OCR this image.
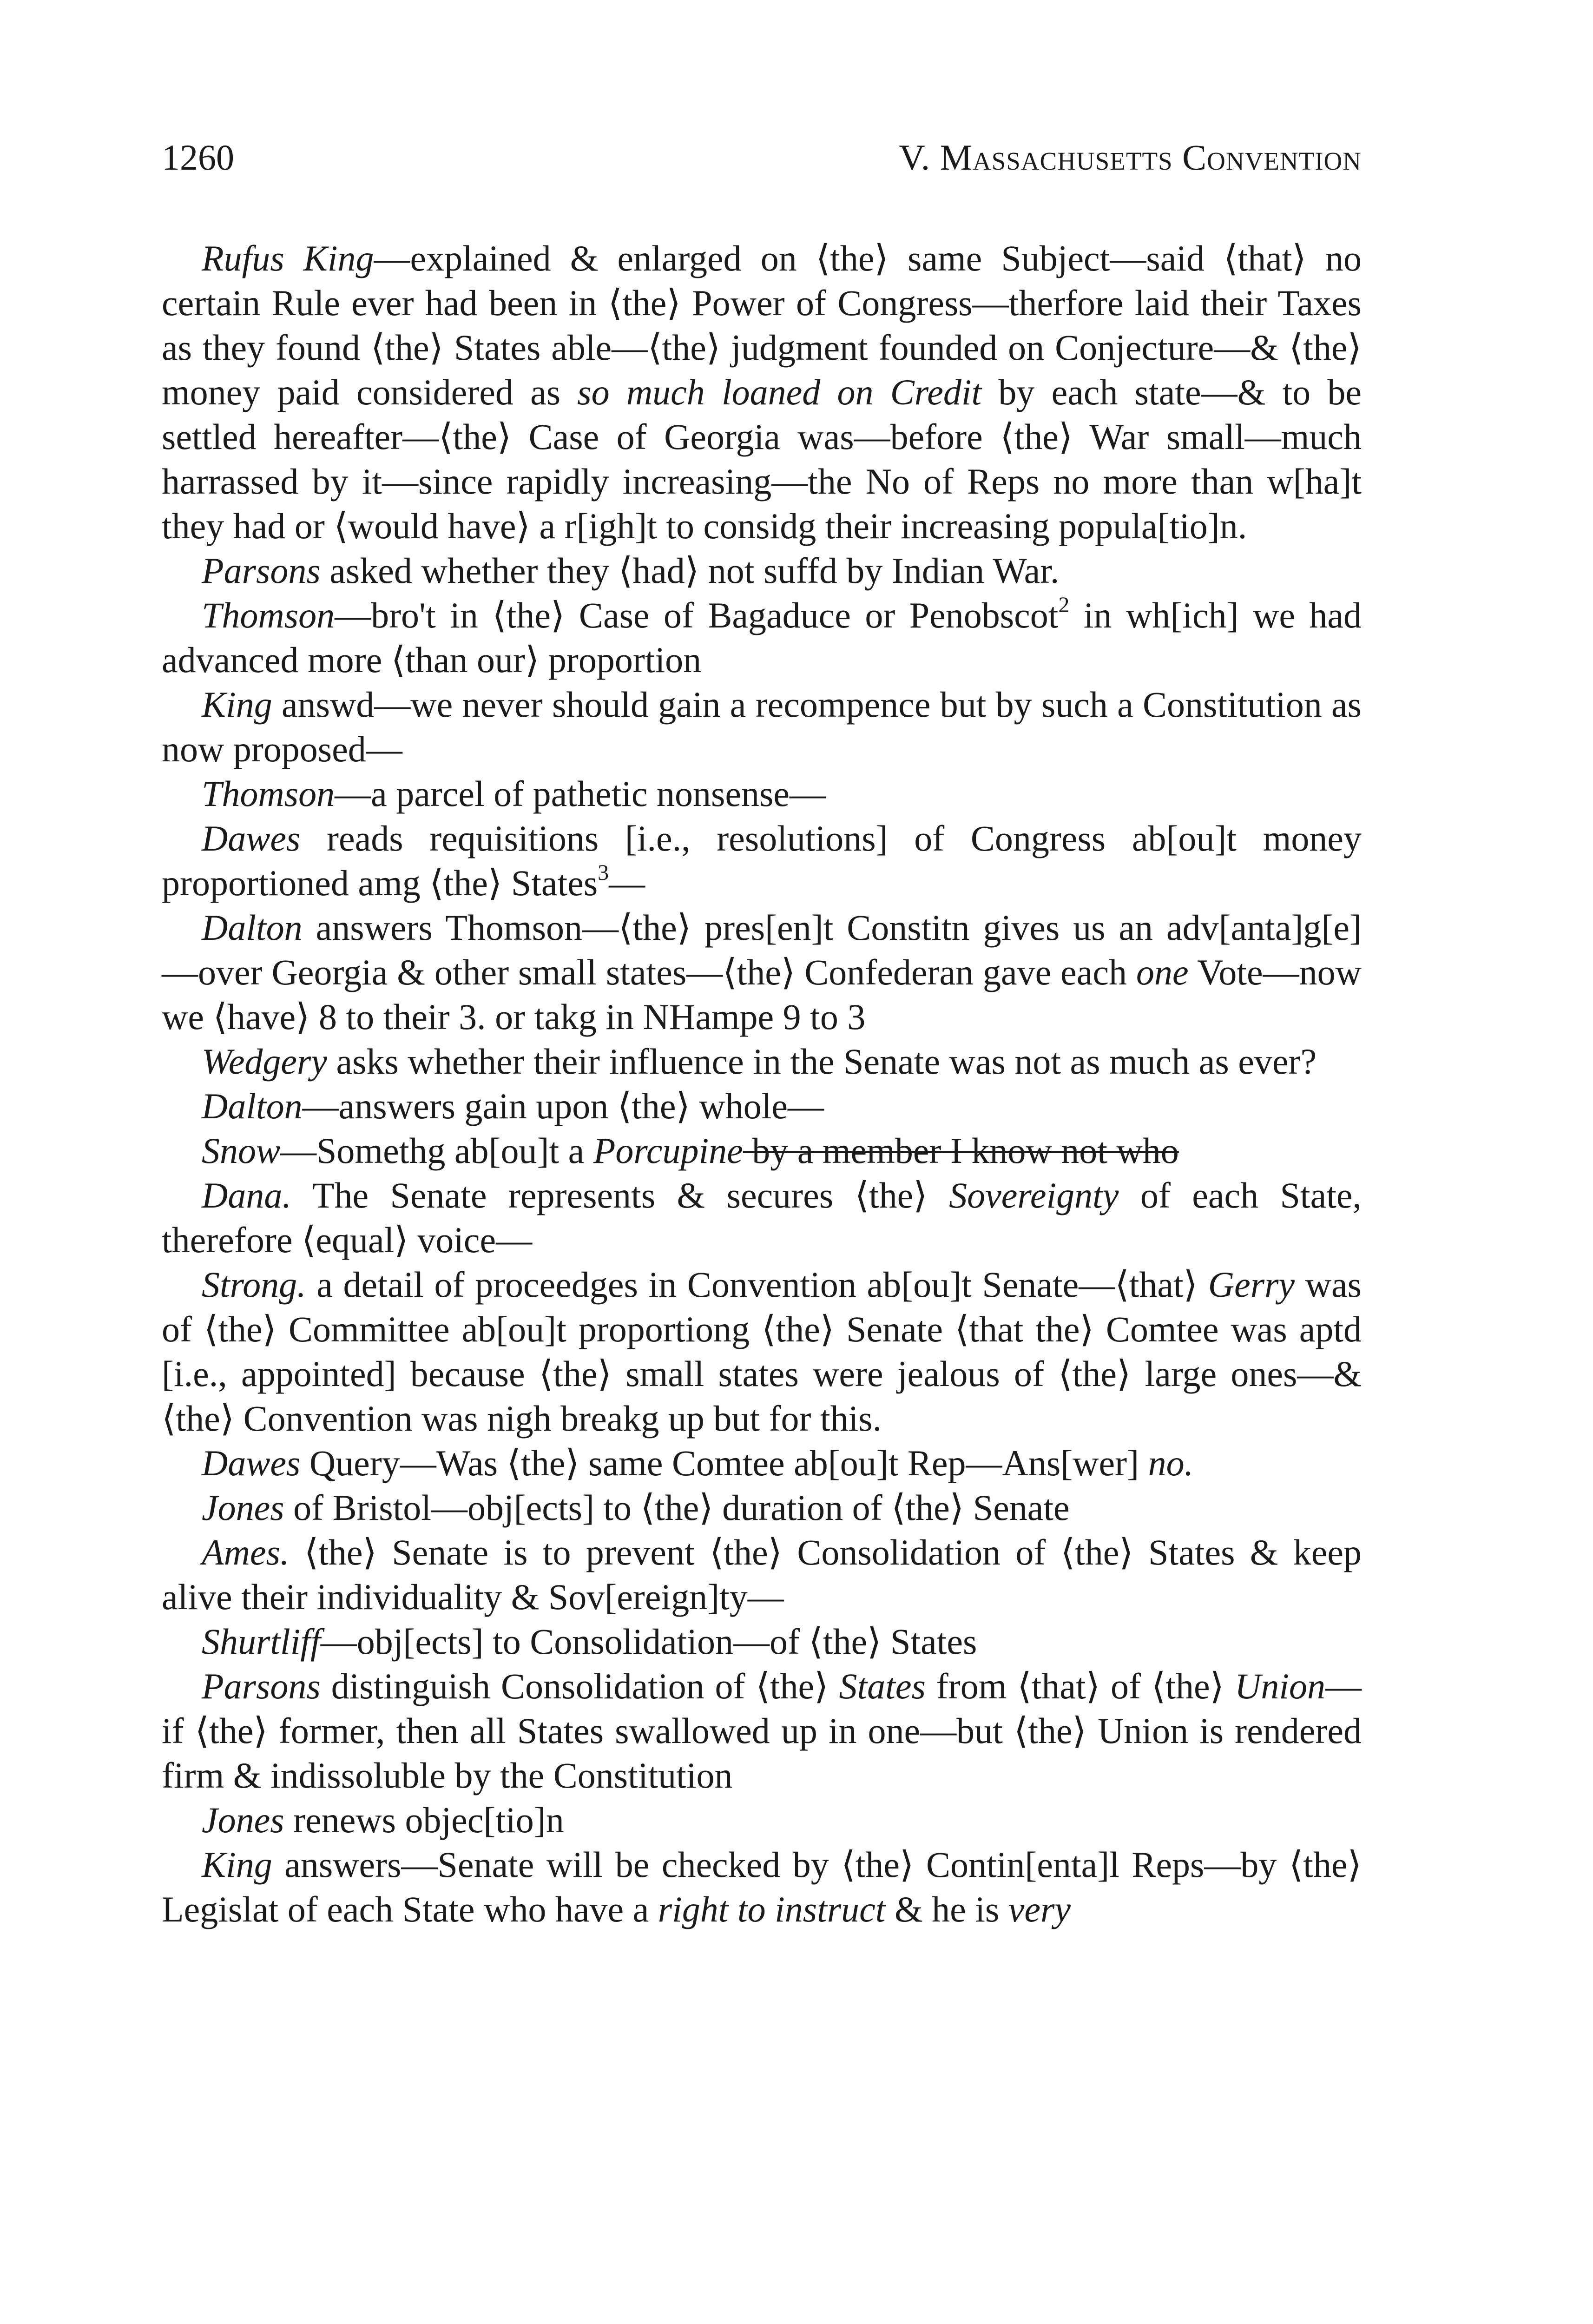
1260	V. Massachusetts Convention

Rufus King—explained & enlarged on ⟨the⟩ same Subject—said ⟨that⟩ no certain Rule ever had been in ⟨the⟩ Power of Congress—therfore laid their Taxes as they found ⟨the⟩ States able—⟨the⟩ judgment founded on Conjecture—& ⟨the⟩ money paid considered as so much loaned on Credit by each state—& to be settled hereafter—⟨the⟩ Case of Georgia was—before ⟨the⟩ War small—much harrassed by it—since rapidly increasing—the No of Reps no more than w[ha]t they had or ⟨would have⟩ a r[igh]t to considg their increasing popula[tio]n.

Parsons asked whether they ⟨had⟩ not suffd by Indian War.

Thomson—bro't in ⟨the⟩ Case of Bagaduce or Penobscot$^2$ in wh[ich] we had advanced more ⟨than our⟩ proportion

King answd—we never should gain a recompence but by such a Constitution as now proposed—

Thomson—a parcel of pathetic nonsense—

Dawes reads requisitions [i.e., resolutions] of Congress ab[ou]t money proportioned amg ⟨the⟩ States$^3$—

Dalton answers Thomson—⟨the⟩ pres[en]t Constitn gives us an adv[anta]g[e]—over Georgia & other small states—⟨the⟩ Confederan gave each one Vote—now we ⟨have⟩ 8 to their 3. or takg in NHampe 9 to 3

Wedgery asks whether their influence in the Senate was not as much as ever?

Dalton—answers gain upon ⟨the⟩ whole—

Snow—Somethg ab[ou]t a Porcupine by a member I know not who

Dana. The Senate represents & secures ⟨the⟩ Sovereignty of each State, therefore ⟨equal⟩ voice—

Strong. a detail of proceedges in Convention ab[ou]t Senate—⟨that⟩ Gerry was of ⟨the⟩ Committee ab[ou]t proportiong ⟨the⟩ Senate ⟨that the⟩ Comtee was aptd [i.e., appointed] because ⟨the⟩ small states were jealous of ⟨the⟩ large ones—& ⟨the⟩ Convention was nigh breakg up but for this.

Dawes Query—Was ⟨the⟩ same Comtee ab[ou]t Rep—Ans[wer] no.

Jones of Bristol—obj[ects] to ⟨the⟩ duration of ⟨the⟩ Senate

Ames. ⟨the⟩ Senate is to prevent ⟨the⟩ Consolidation of ⟨the⟩ States & keep alive their individuality & Sov[ereign]ty—

Shurtliff—obj[ects] to Consolidation—of ⟨the⟩ States

Parsons distinguish Consolidation of ⟨the⟩ States from ⟨that⟩ of ⟨the⟩ Union—if ⟨the⟩ former, then all States swallowed up in one—but ⟨the⟩ Union is rendered firm & indissoluble by the Constitution

Jones renews objec[tio]n

King answers—Senate will be checked by ⟨the⟩ Contin[enta]l Reps—by ⟨the⟩ Legislat of each State who have a right to instruct & he is very
